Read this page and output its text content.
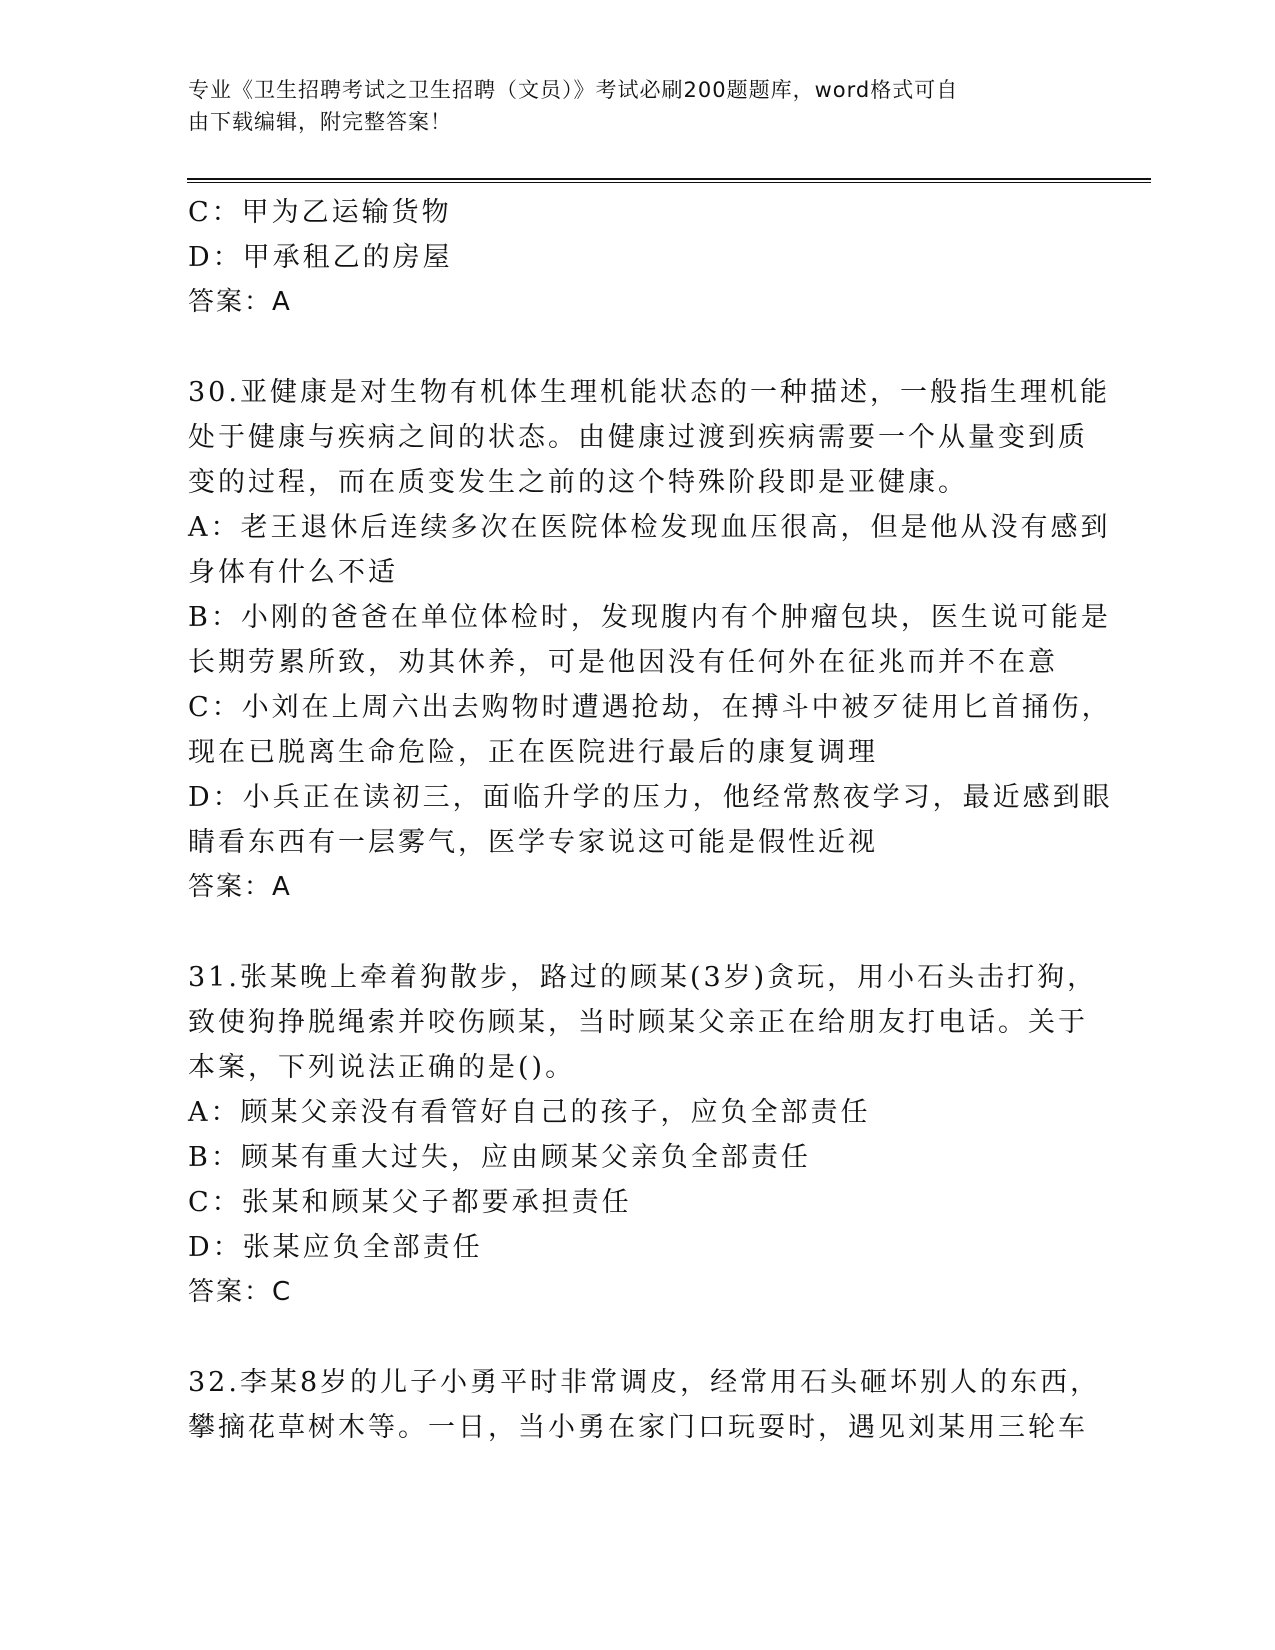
专业《卫生招聘考试之卫生招聘（文员）》考试必刷200题题库，word格式可自
由下载编辑，附完整答案！
C：甲为乙运输货物
D：甲承租乙的房屋
答案：A
30.亚健康是对生物有机体生理机能状态的一种描述，一般指生理机能
处于健康与疾病之间的状态。由健康过渡到疾病需要一个从量变到质
变的过程，而在质变发生之前的这个特殊阶段即是亚健康。
A：老王退休后连续多次在医院体检发现血压很高，但是他从没有感到
身体有什么不适
B：小刚的爸爸在单位体检时，发现腹内有个肿瘤包块，医生说可能是
长期劳累所致，劝其休养，可是他因没有任何外在征兆而并不在意
C：小刘在上周六出去购物时遭遇抢劫，在搏斗中被歹徒用匕首捅伤，
现在已脱离生命危险，正在医院进行最后的康复调理
D：小兵正在读初三，面临升学的压力，他经常熬夜学习，最近感到眼
睛看东西有一层雾气，医学专家说这可能是假性近视
答案：A
31.张某晚上牵着狗散步，路过的顾某(3岁)贪玩，用小石头击打狗，
致使狗挣脱绳索并咬伤顾某，当时顾某父亲正在给朋友打电话。关于
本案，下列说法正确的是()。
A：顾某父亲没有看管好自己的孩子，应负全部责任
B：顾某有重大过失，应由顾某父亲负全部责任
C：张某和顾某父子都要承担责任
D：张某应负全部责任
答案：C
32.李某8岁的儿子小勇平时非常调皮，经常用石头砸坏别人的东西，
攀摘花草树木等。一日，当小勇在家门口玩耍时，遇见刘某用三轮车
